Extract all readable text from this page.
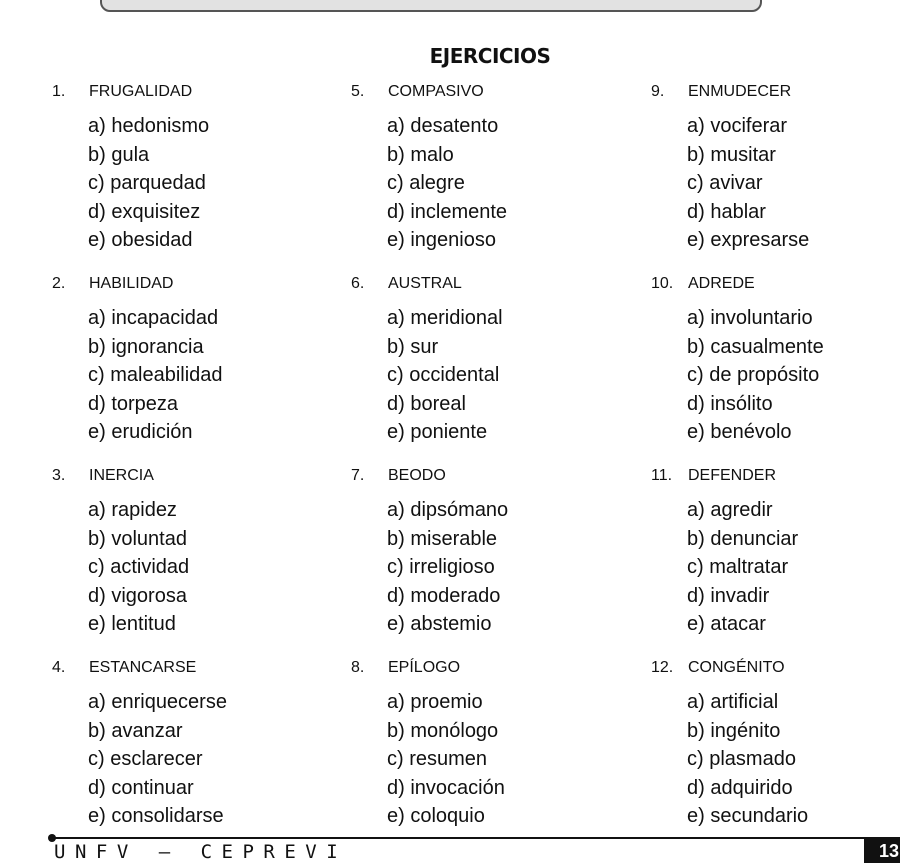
EJERCICIOS
1. FRUGALIDAD
a) hedonismo
b) gula
c) parquedad
d) exquisitez
e) obesidad
2. HABILIDAD
a) incapacidad
b) ignorancia
c) maleabilidad
d) torpeza
e) erudición
3. INERCIA
a) rapidez
b) voluntad
c) actividad
d) vigorosa
e) lentitud
4. ESTANCARSE
a) enriquecerse
b) avanzar
c) esclarecer
d) continuar
e) consolidarse
5. COMPASIVO
a) desatento
b) malo
c) alegre
d) inclemente
e) ingenioso
6. AUSTRAL
a) meridional
b) sur
c) occidental
d) boreal
e) poniente
7. BEODO
a) dipsómano
b) miserable
c) irreligioso
d) moderado
e) abstemio
8. EPÍLOGO
a) proemio
b) monólogo
c) resumen
d) invocación
e) coloquio
9. ENMUDECER
a) vociferar
b) musitar
c) avivar
d) hablar
e) expresarse
10. ADREDE
a) involuntario
b) casualmente
c) de propósito
d) insólito
e) benévolo
11. DEFENDER
a) agredir
b) denunciar
c) maltratar
d) invadir
e) atacar
12. CONGÉNITO
a) artificial
b) ingénito
c) plasmado
d) adquirido
e) secundario
UNFV – CEPREVI	13
